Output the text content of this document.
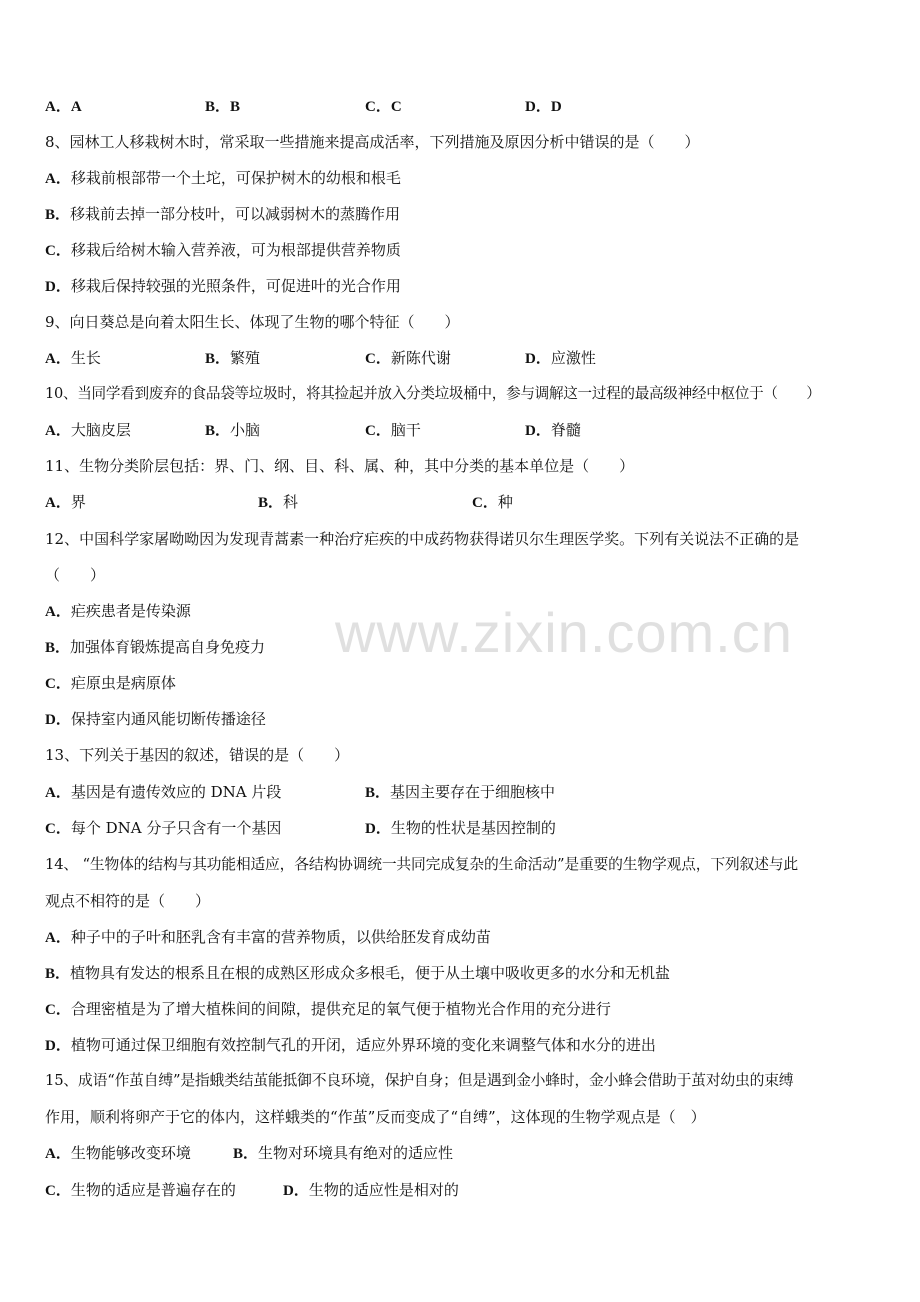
A．A	B．B	C．C	D．D
8、园林工人移栽树木时，常采取一些措施来提高成活率，下列措施及原因分析中错误的是（　　）
A．移栽前根部带一个土坨，可保护树木的幼根和根毛
B．移栽前去掉一部分枝叶，可以减弱树木的蒸腾作用
C．移栽后给树木输入营养液，可为根部提供营养物质
D．移栽后保持较强的光照条件，可促进叶的光合作用
9、向日葵总是向着太阳生长、体现了生物的哪个特征（　　）
A．生长	B．繁殖	C．新陈代谢	D．应激性
10、当同学看到废弃的食品袋等垃圾时，将其捡起并放入分类垃圾桶中，参与调解这一过程的最高级神经中枢位于（　　）
A．大脑皮层	B．小脑	C．脑干	D．脊髓
11、生物分类阶层包括：界、门、纲、目、科、属、种，其中分类的基本单位是（　　）
A．界	B．科	C．种
12、中国科学家屠呦呦因为发现青蒿素一种治疗疟疾的中成药物获得诺贝尔生理医学奖。下列有关说法不正确的是
（　　）
A．疟疾患者是传染源
B．加强体育锻炼提高自身免疫力
C．疟原虫是病原体
D．保持室内通风能切断传播途径
13、下列关于基因的叙述，错误的是（　　）
A．基因是有遗传效应的 DNA 片段	B．基因主要存在于细胞核中
C．每个 DNA 分子只含有一个基因	D．生物的性状是基因控制的
14、 “生物体的结构与其功能相适应，各结构协调统一共同完成复杂的生命活动”是重要的生物学观点，下列叙述与此
观点不相符的是（　　）
A．种子中的子叶和胚乳含有丰富的营养物质，以供给胚发育成幼苗
B．植物具有发达的根系且在根的成熟区形成众多根毛，便于从土壤中吸收更多的水分和无机盐
C．合理密植是为了增大植株间的间隙，提供充足的氧气便于植物光合作用的充分进行
D．植物可通过保卫细胞有效控制气孔的开闭，适应外界环境的变化来调整气体和水分的进出
15、成语“作茧自缚”是指蛾类结茧能抵御不良环境，保护自身；但是遇到金小蜂时，金小蜂会借助于茧对幼虫的束缚
作用，顺利将卵产于它的体内，这样蛾类的“作茧”反而变成了“自缚”，这体现的生物学观点是（　）
A．生物能够改变环境	B．生物对环境具有绝对的适应性
C．生物的适应是普遍存在的	D．生物的适应性是相对的
www.zixin.com.cn
